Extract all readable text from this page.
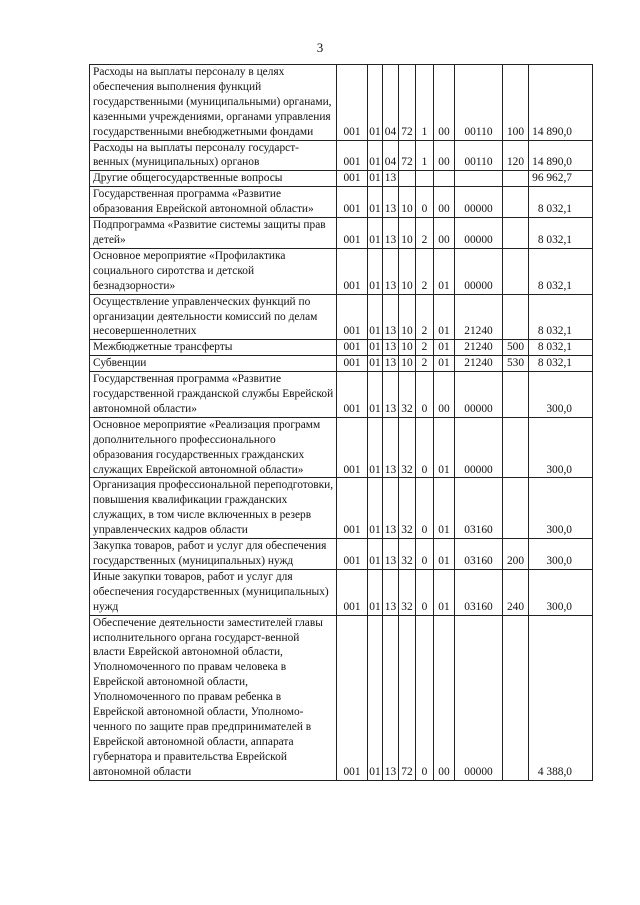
3
Расходы на выплаты персоналу в целях обеспечения выполнения функций государственными (муниципальными) органами, казенными учреждениями, органами управления государственными внебюджетными фондами	001	01	04	72	1	00	00110	100	14 890,0
Расходы на выплаты персоналу государст-венных (муниципальных) органов	001	01	04	72	1	00	00110	120	14 890,0
Другие общегосударственные вопросы	001	01	13						96 962,7
Государственная программа «Развитие образования Еврейской автономной области»	001	01	13	10	0	00	00000		8 032,1
Подпрограмма «Развитие системы защиты прав детей»	001	01	13	10	2	00	00000		8 032,1
Основное мероприятие «Профилактика социального сиротства и детской безнадзорности»	001	01	13	10	2	01	00000		8 032,1
Осуществление управленческих функций по организации деятельности комиссий по делам несовершеннолетних	001	01	13	10	2	01	21240		8 032,1
Межбюджетные трансферты	001	01	13	10	2	01	21240	500	8 032,1
Субвенции	001	01	13	10	2	01	21240	530	8 032,1
Государственная программа «Развитие государственной гражданской службы Еврейской автономной области»	001	01	13	32	0	00	00000		300,0
Основное мероприятие «Реализация программ дополнительного профессионального образования государственных гражданских служащих Еврейской автономной области»	001	01	13	32	0	01	00000		300,0
Организация профессиональной переподготовки, повышения квалификации гражданских служащих, в том числе включенных в резерв управленческих кадров области	001	01	13	32	0	01	03160		300,0
Закупка товаров, работ и услуг для обеспечения государственных (муниципальных) нужд	001	01	13	32	0	01	03160	200	300,0
Иные закупки товаров, работ и услуг для обеспечения государственных (муниципальных) нужд	001	01	13	32	0	01	03160	240	300,0
Обеспечение деятельности заместителей главы исполнительного органа государст-венной власти Еврейской автономной области, Уполномоченного по правам человека в Еврейской автономной области, Уполномоченного по правам ребенка в Еврейской автономной области, Уполномо-ченного по защите прав предпринимателей в Еврейской автономной области, аппарата губернатора и правительства Еврейской автономной области	001	01	13	72	0	00	00000		4 388,0
